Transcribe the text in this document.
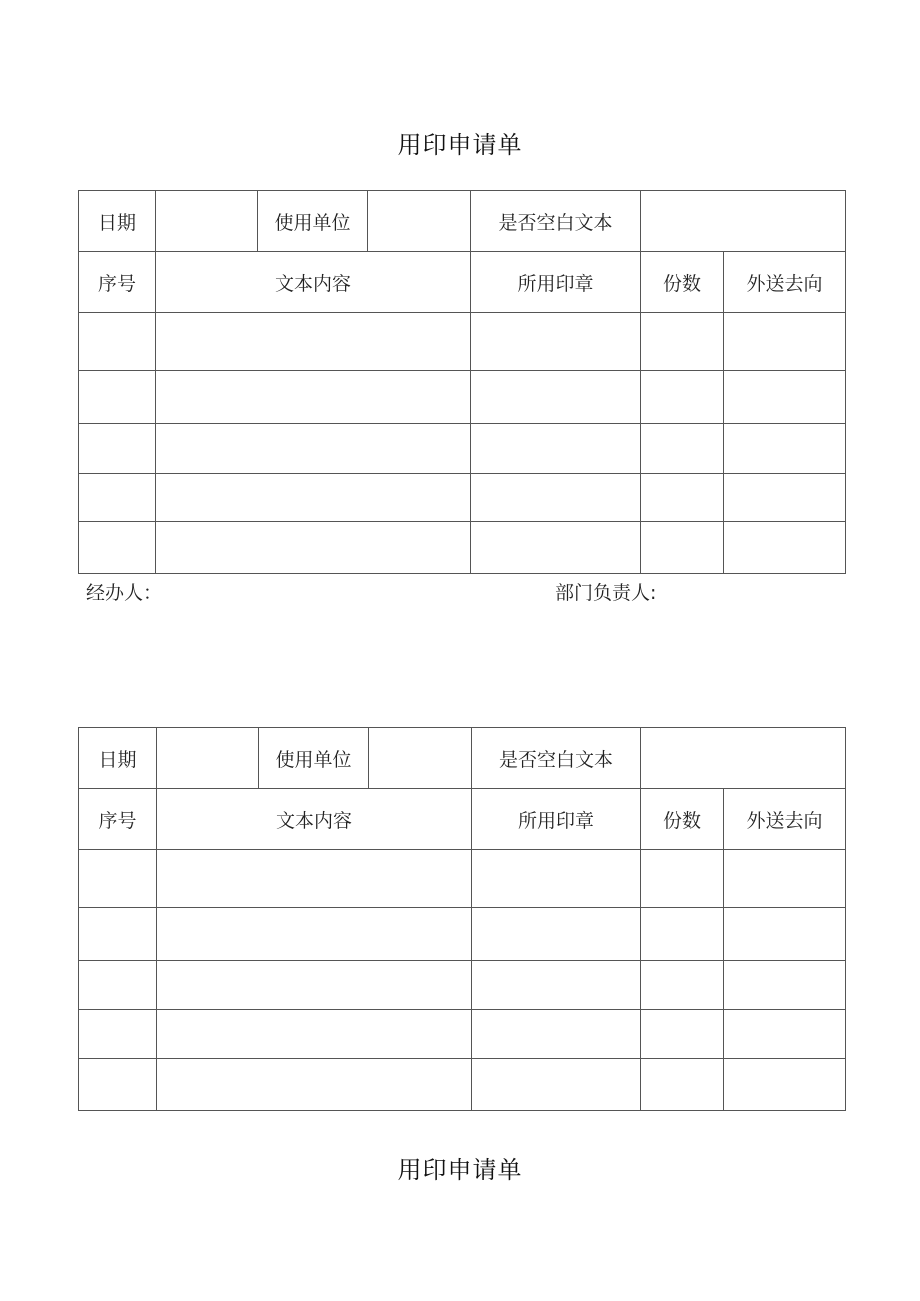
用印申请单
日期		使用单位		是否空白文本		
序号	文本内容			所用印章	份数	外送去向

经办人：	部门负责人:
日期		使用单位		是否空白文本		
序号	文本内容			所用印章	份数	外送去向

用印申请单
